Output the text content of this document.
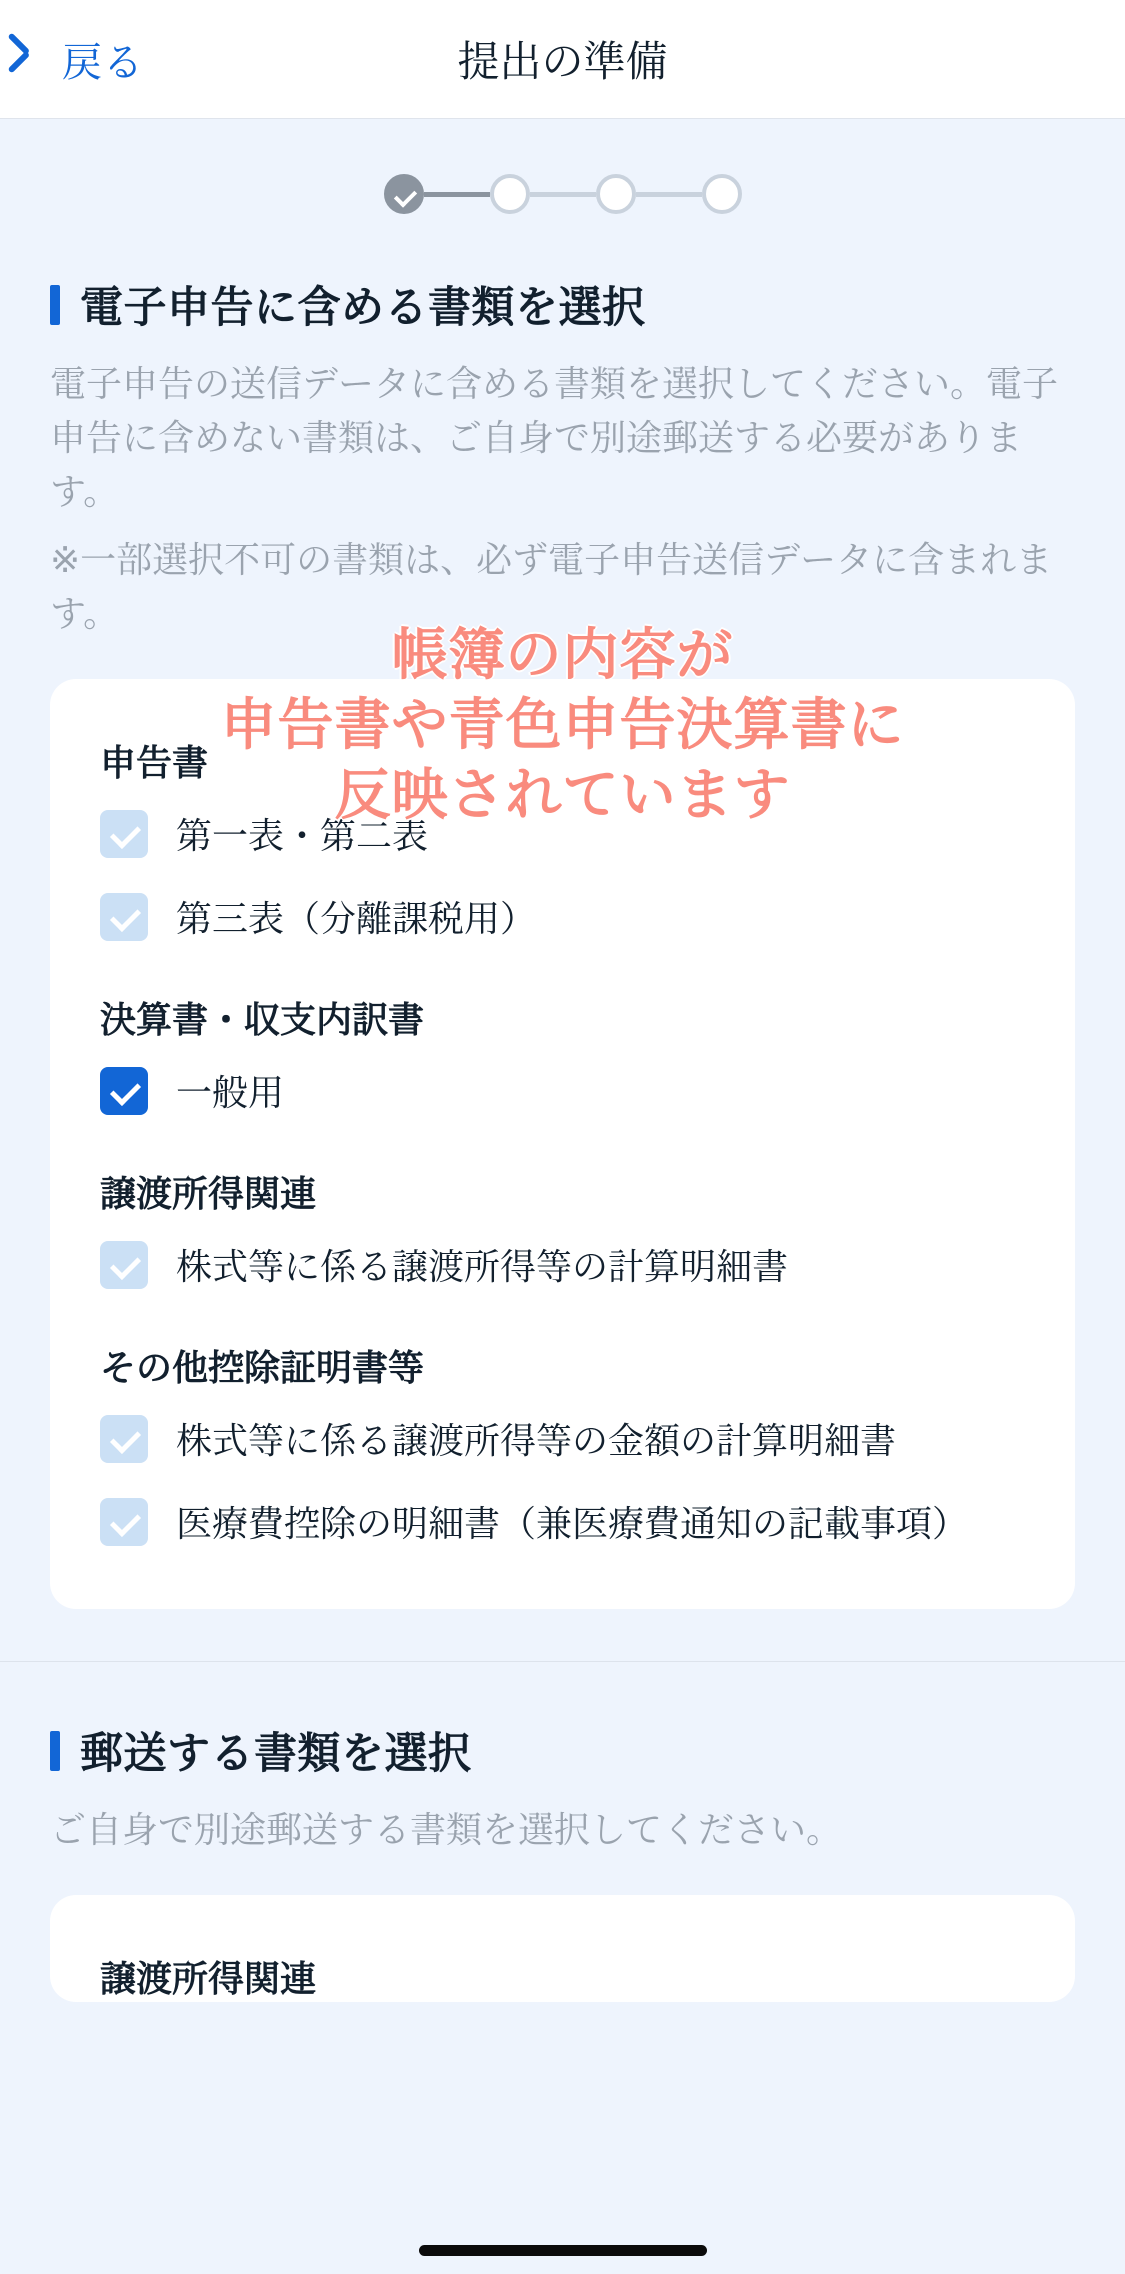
戻る	提出の準備
電子申告に含める書類を選択
電子申告の送信データに含める書類を選択してください。電子申告に含めない書類は、ご自身で別途郵送する必要があります。
※一部選択不可の書類は、必ず電子申告送信データに含まれます。
申告書
第一表・第二表
第三表（分離課税用）
決算書・収支内訳書
一般用
譲渡所得関連
株式等に係る譲渡所得等の計算明細書
その他控除証明書等
株式等に係る譲渡所得等の金額の計算明細書
医療費控除の明細書（兼医療費通知の記載事項）
郵送する書類を選択
ご自身で別途郵送する書類を選択してください。
譲渡所得関連
帳簿の内容が
申告書や青色申告決算書に
反映されています
